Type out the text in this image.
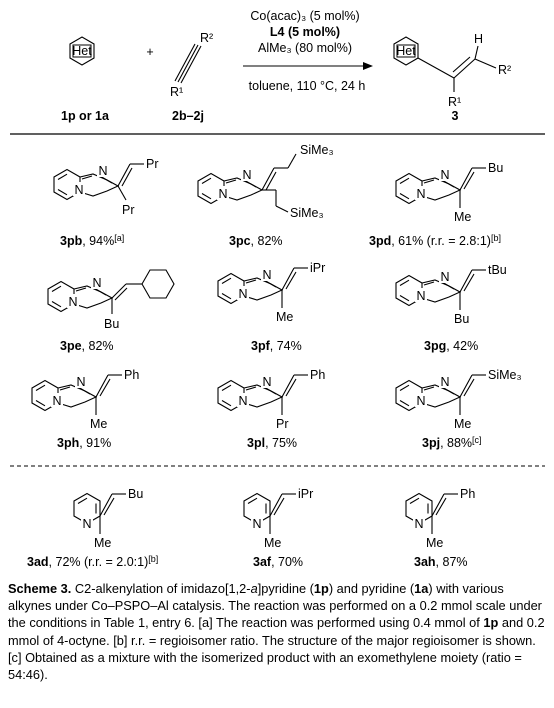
Het	+
R²
R¹
Co(acac)₃ (5 mol%)
L4 (5 mol%)
AlMe₃ (80 mol%)
toluene, 110 °C, 24 h
Het
H
R²
R¹
1p or 1a	2b–2j	3
N
N
Pr
Pr
3pb, 94%[a]
N
N
SiMe₃
SiMe₃
3pc, 82%
N
N
Bu
Me
3pd, 61% (r.r. = 2.8:1)[b]
N
N
Bu
3pe, 82%
N
N
iPr
Me
3pf, 74%
N
N
tBu
Bu
3pg, 42%
N
N
Ph
Me
3ph, 91%
N
N
Ph
Pr
3pl, 75%
N
N
SiMe₃
Me
3pj, 88%[c]
N
Bu
Me
3ad, 72% (r.r. = 2.0:1)[b]
N
iPr
Me
3af, 70%
N
Ph
Me
3ah, 87%
Scheme 3. C2-alkenylation of imidazo[1,2-a]pyridine (1p) and pyridine (1a) with various alkynes under Co–PSPO–Al catalysis. The reaction was performed on a 0.2 mmol scale under the conditions in Table 1, entry 6. [a] The reaction was performed using 0.4 mmol of 1p and 0.2 mmol of 4-octyne. [b] r.r. = regioisomer ratio. The structure of the major regioisomer is shown. [c] Obtained as a mixture with the isomerized product with an exomethylene moiety (ratio = 54:46).
